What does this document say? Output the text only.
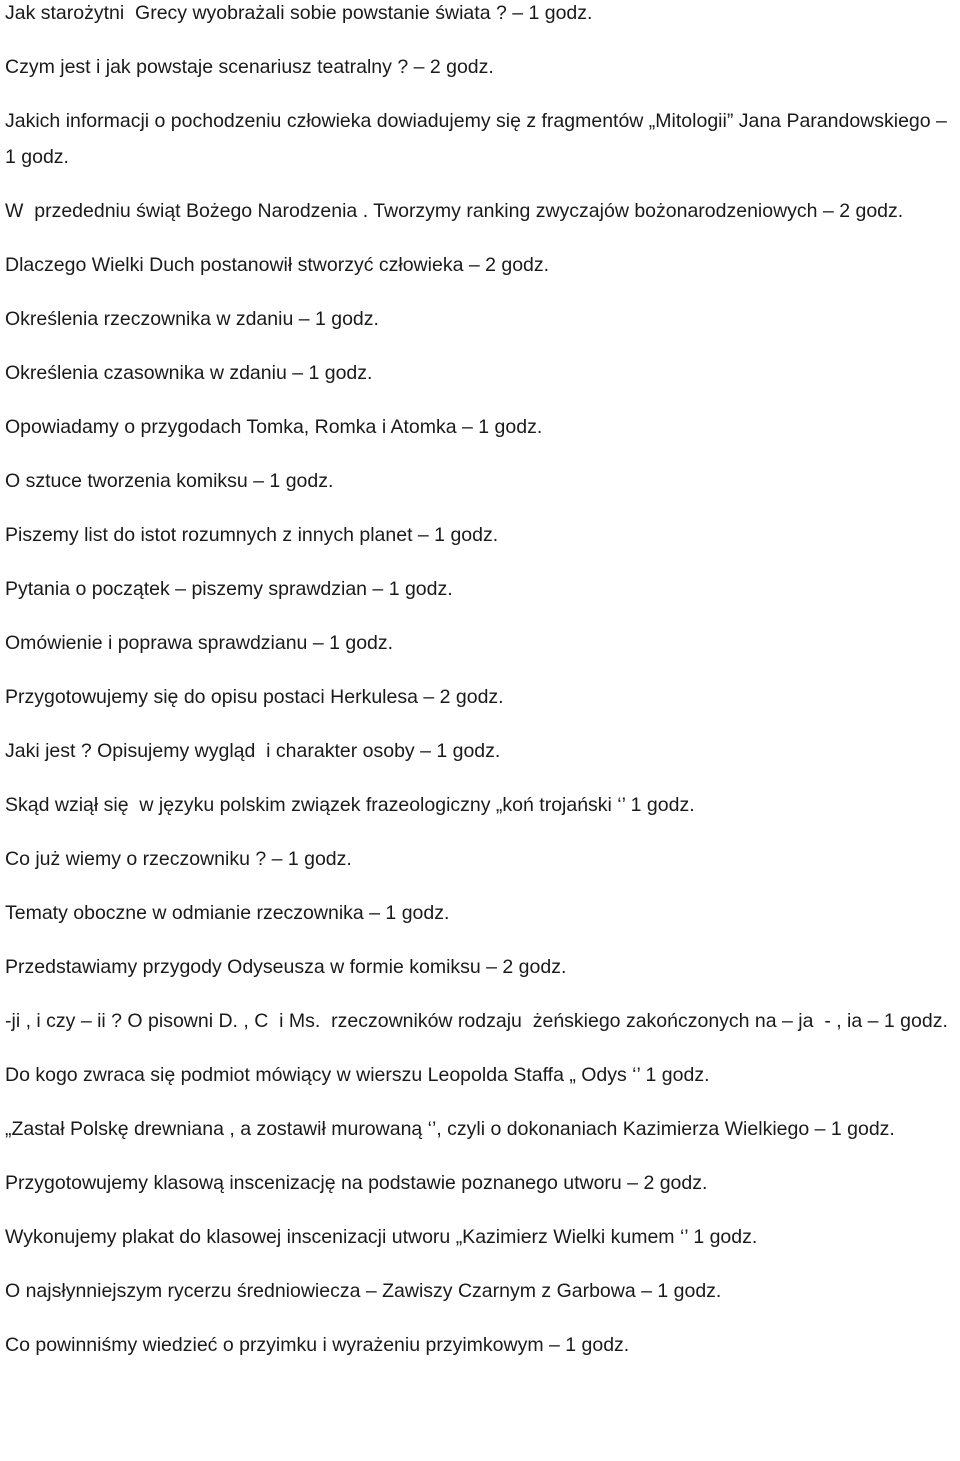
Jak starożytni  Grecy wyobrażali sobie powstanie świata ? – 1 godz.

Czym jest i jak powstaje scenariusz teatralny ? – 2 godz.

Jakich informacji o pochodzeniu człowieka dowiadujemy się z fragmentów „Mitologii” Jana Parandowskiego – 1 godz.

W  przededniu świąt Bożego Narodzenia . Tworzymy ranking zwyczajów bożonarodzeniowych – 2 godz.

Dlaczego Wielki Duch postanowił stworzyć człowieka – 2 godz.

Określenia rzeczownika w zdaniu – 1 godz.

Określenia czasownika w zdaniu – 1 godz.

Opowiadamy o przygodach Tomka, Romka i Atomka – 1 godz.

O sztuce tworzenia komiksu – 1 godz.

Piszemy list do istot rozumnych z innych planet – 1 godz.

Pytania o początek – piszemy sprawdzian – 1 godz.

Omówienie i poprawa sprawdzianu – 1 godz.

Przygotowujemy się do opisu postaci Herkulesa – 2 godz.

Jaki jest ? Opisujemy wygląd  i charakter osoby – 1 godz.

Skąd wziął się  w języku polskim związek frazeologiczny „koń trojański ‘’ 1 godz.

Co już wiemy o rzeczowniku ? – 1 godz.

Tematy oboczne w odmianie rzeczownika – 1 godz.

Przedstawiamy przygody Odyseusza w formie komiksu – 2 godz.

-ji , i czy – ii ? O pisowni D. , C  i Ms.  rzeczowników rodzaju  żeńskiego zakończonych na – ja  - , ia – 1 godz.

Do kogo zwraca się podmiot mówiący w wierszu Leopolda Staffa „ Odys ‘’ 1 godz.

„Zastał Polskę drewniana , a zostawił murowaną ‘’, czyli o dokonaniach Kazimierza Wielkiego – 1 godz.

Przygotowujemy klasową inscenizację na podstawie poznanego utworu – 2 godz.

Wykonujemy plakat do klasowej inscenizacji utworu „Kazimierz Wielki kumem ‘’ 1 godz.

O najsłynniejszym rycerzu średniowiecza – Zawiszy Czarnym z Garbowa – 1 godz.

Co powinniśmy wiedzieć o przyimku i wyrażeniu przyimkowym – 1 godz.
